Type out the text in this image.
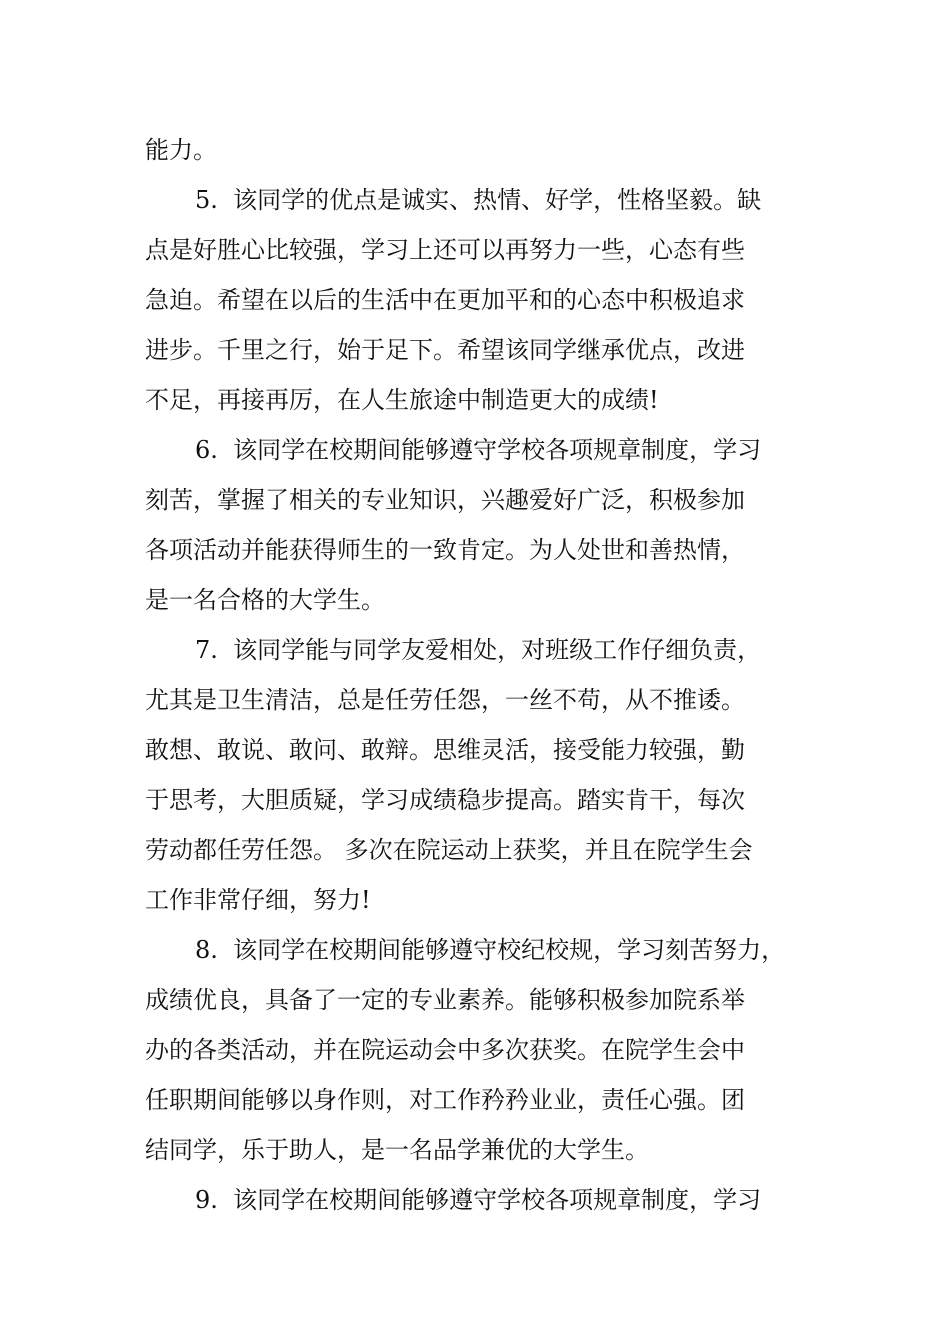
能力。
5.  该同学的优点是诚实、热情、好学，性格坚毅。缺
点是好胜心比较强，学习上还可以再努力一些，心态有些
急迫。希望在以后的生活中在更加平和的心态中积极追求
进步。千里之行，始于足下。希望该同学继承优点，改进
不足，再接再厉，在人生旅途中制造更大的成绩!
6.  该同学在校期间能够遵守学校各项规章制度，学习
刻苦，掌握了相关的专业知识，兴趣爱好广泛，积极参加
各项活动并能获得师生的一致肯定。为人处世和善热情，
是一名合格的大学生。
7.  该同学能与同学友爱相处，对班级工作仔细负责，
尤其是卫生清洁，总是任劳任怨，一丝不苟，从不推诿。
敢想、敢说、敢问、敢辩。思维灵活，接受能力较强，勤
于思考，大胆质疑，学习成绩稳步提高。踏实肯干，每次
劳动都任劳任怨。 多次在院运动上获奖，并且在院学生会
工作非常仔细，努力!
8.  该同学在校期间能够遵守校纪校规，学习刻苦努力，
成绩优良，具备了一定的专业素养。能够积极参加院系举
办的各类活动，并在院运动会中多次获奖。在院学生会中
任职期间能够以身作则，对工作矜矜业业，责任心强。团
结同学，乐于助人，是一名品学兼优的大学生。
9.  该同学在校期间能够遵守学校各项规章制度，学习
